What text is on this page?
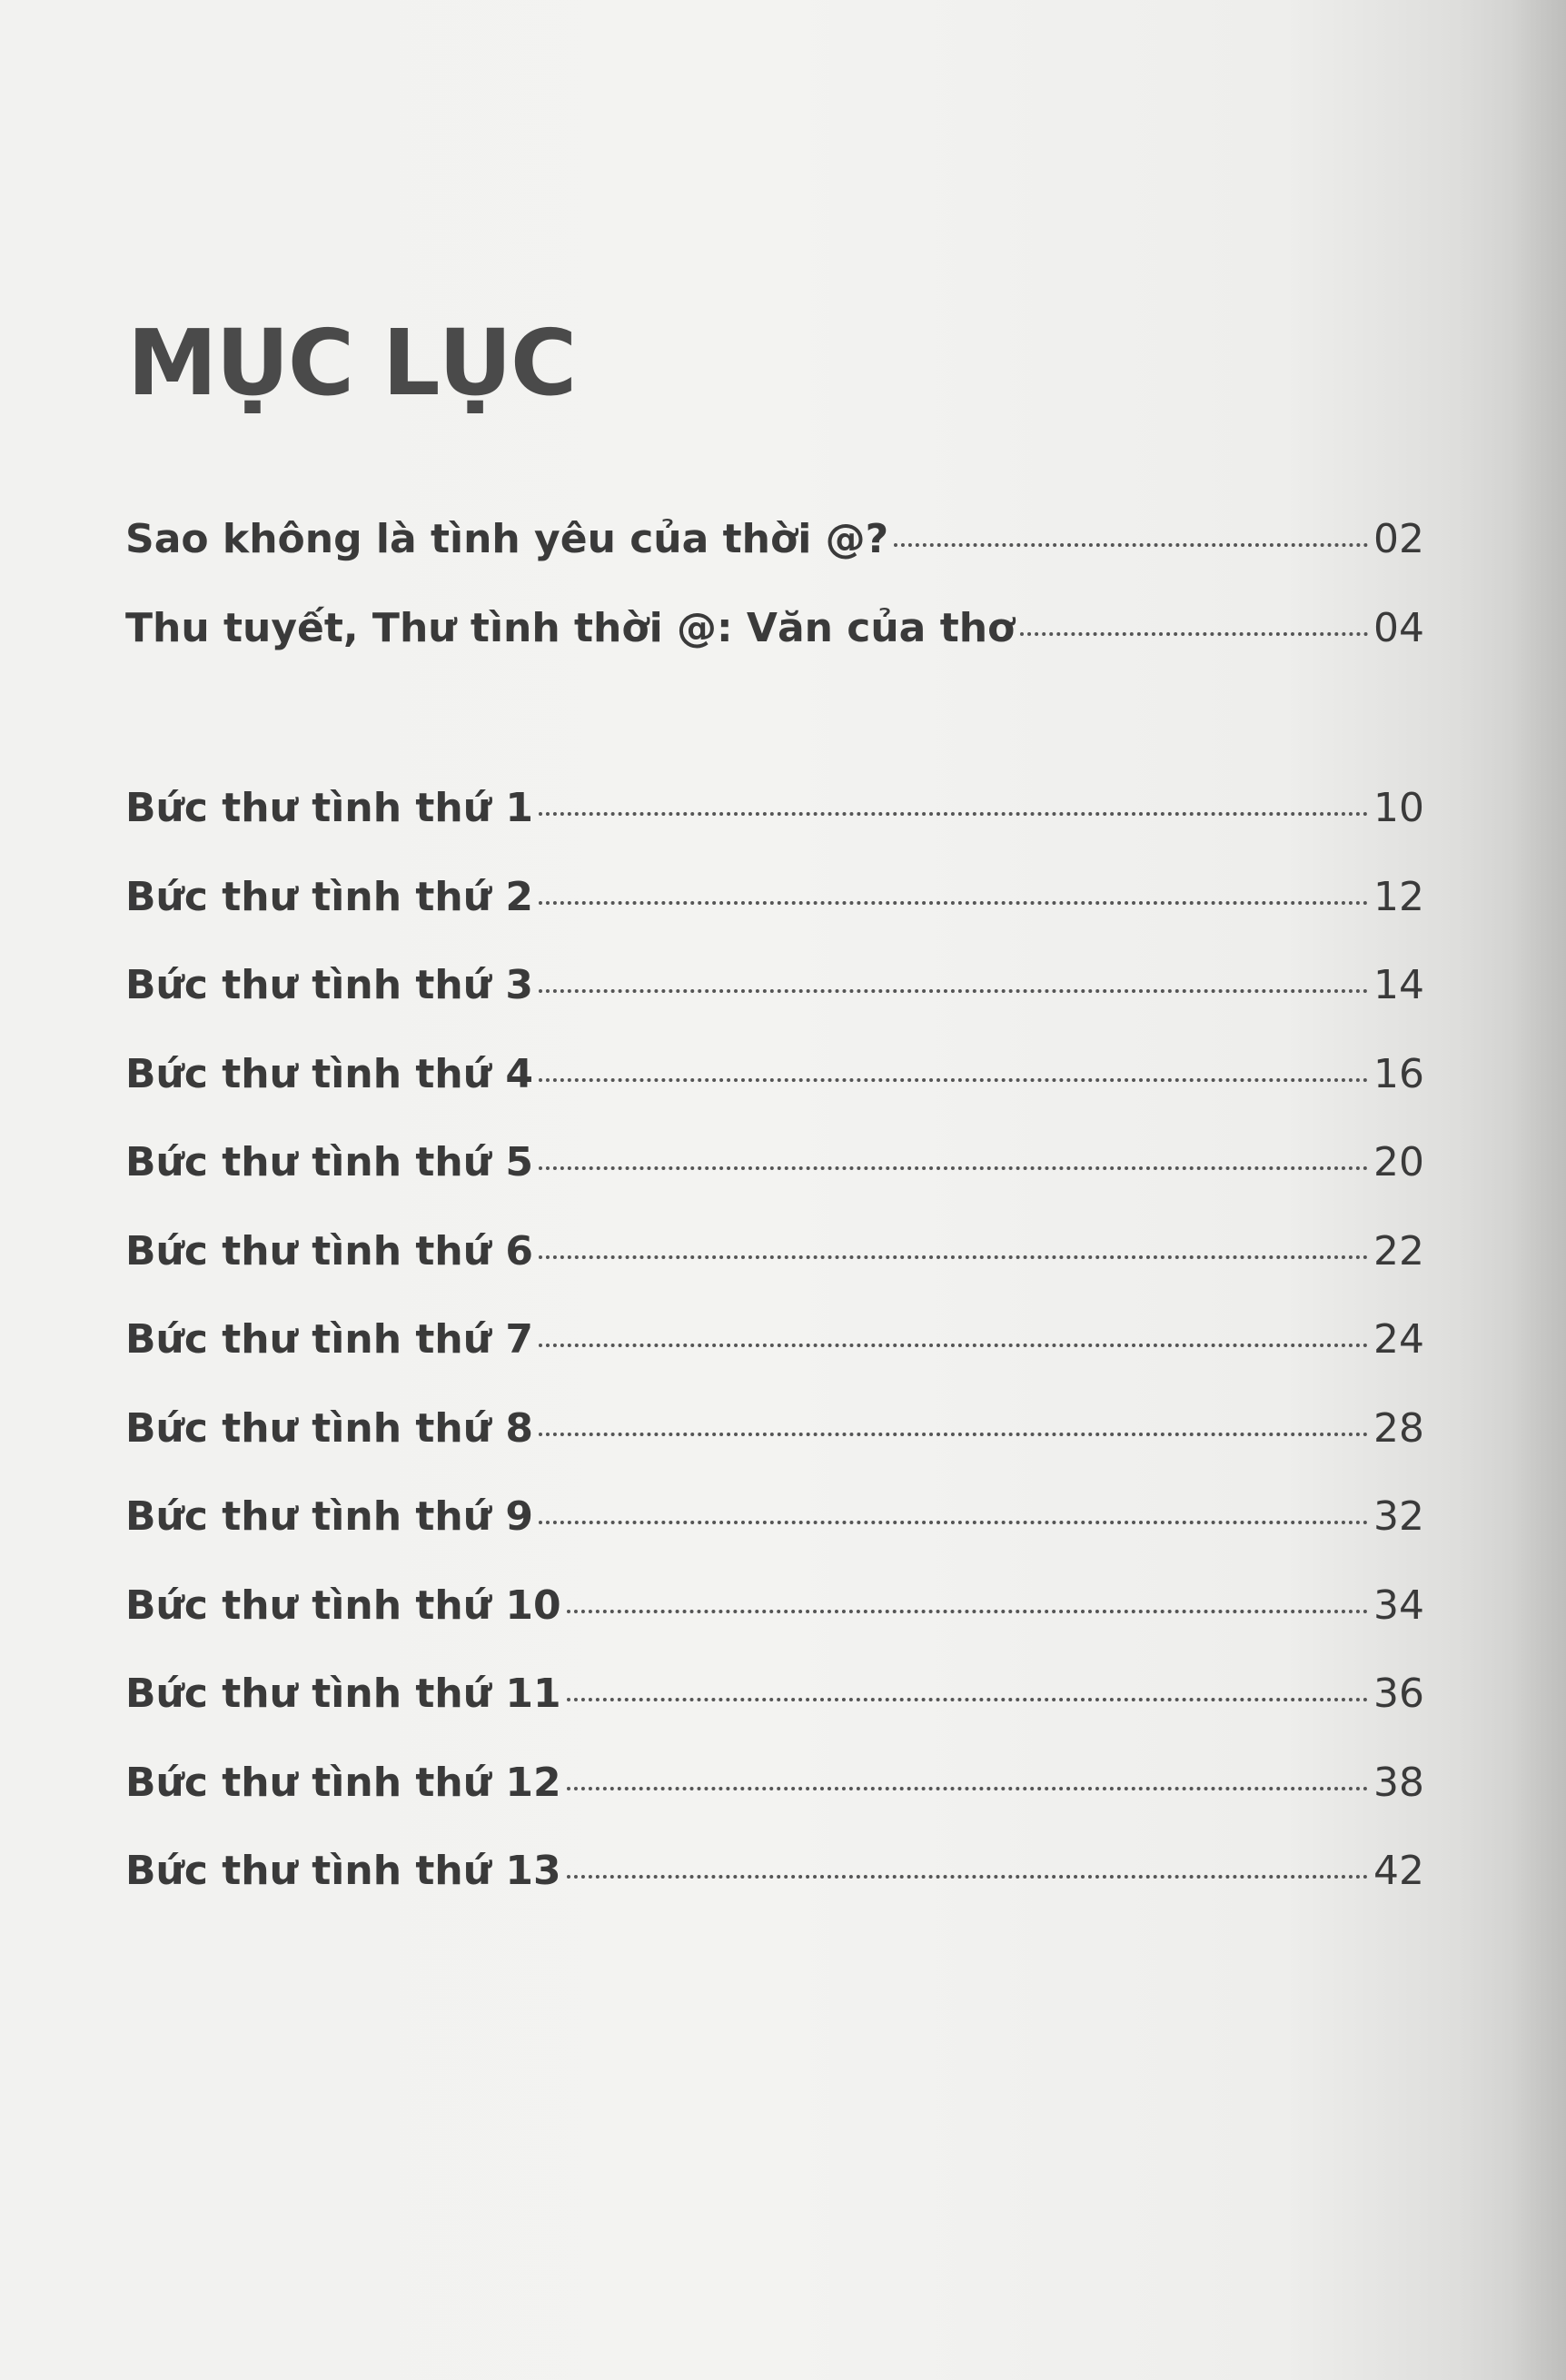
MỤC LỤC
Sao không là tình yêu của thời @?	02
Thu tuyết, Thư tình thời @: Văn của thơ	04
Bức thư tình thứ 1	10
Bức thư tình thứ 2	12
Bức thư tình thứ 3	14
Bức thư tình thứ 4	16
Bức thư tình thứ 5	20
Bức thư tình thứ 6	22
Bức thư tình thứ 7	24
Bức thư tình thứ 8	28
Bức thư tình thứ 9	32
Bức thư tình thứ 10	34
Bức thư tình thứ 11	36
Bức thư tình thứ 12	38
Bức thư tình thứ 13	42
